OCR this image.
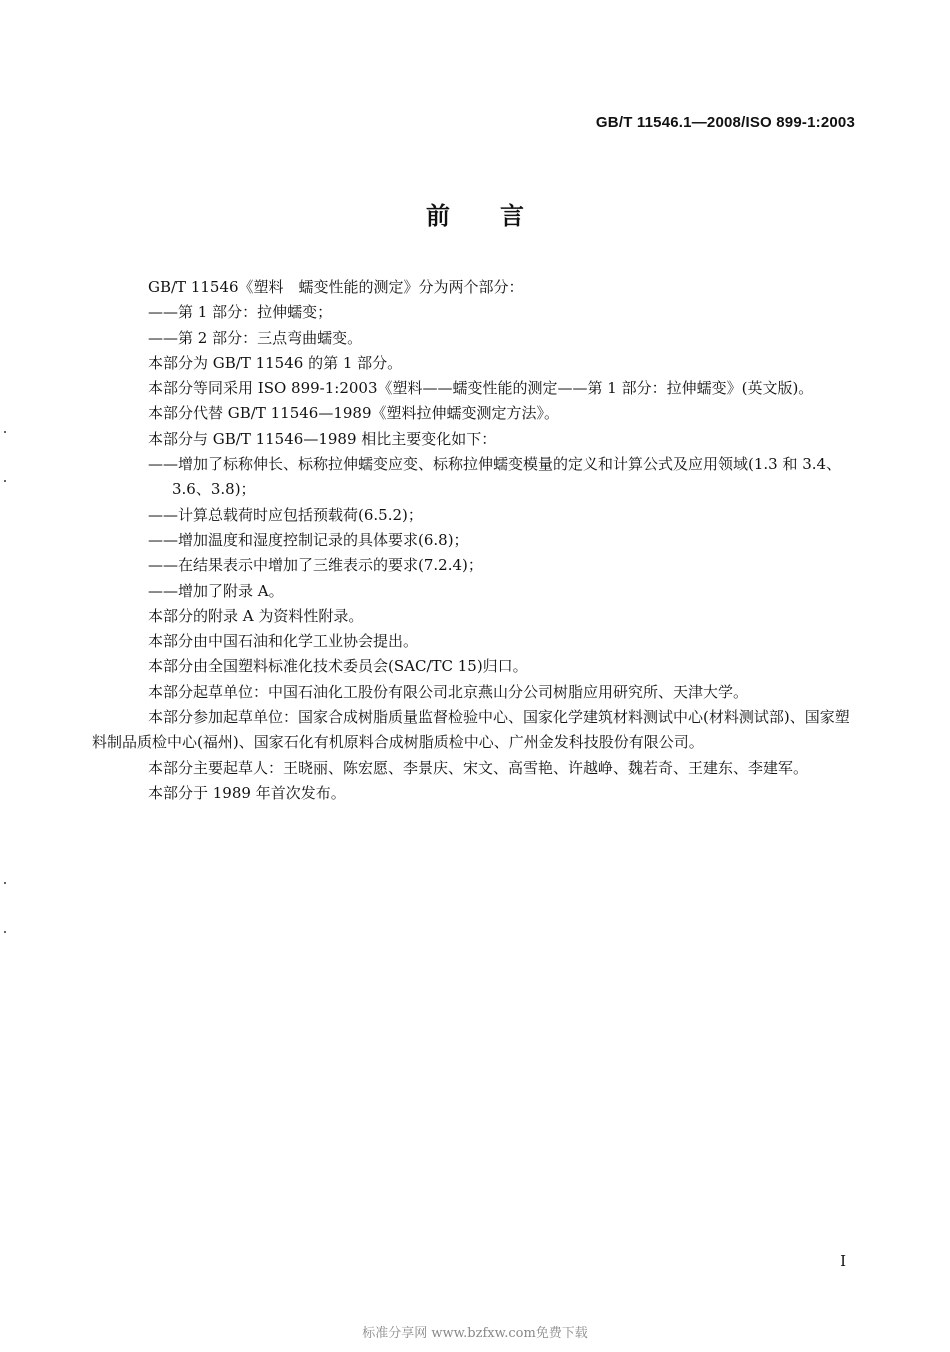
GB/T 11546.1—2008/ISO 899-1:2003
前言

GB/T 11546《塑料　蠕变性能的测定》分为两个部分：

——第 1 部分：拉伸蠕变；

——第 2 部分：三点弯曲蠕变。

本部分为 GB/T 11546 的第 1 部分。

本部分等同采用 ISO 899-1:2003《塑料——蠕变性能的测定——第 1 部分：拉伸蠕变》(英文版)。

本部分代替 GB/T 11546—1989《塑料拉伸蠕变测定方法》。

本部分与 GB/T 11546—1989 相比主要变化如下：

——增加了标称伸长、标称拉伸蠕变应变、标称拉伸蠕变模量的定义和计算公式及应用领域(1.3 和 3.4、3.6、3.8)；

——计算总载荷时应包括预载荷(6.5.2)；

——增加温度和湿度控制记录的具体要求(6.8)；

——在结果表示中增加了三维表示的要求(7.2.4)；

——增加了附录 A。

本部分的附录 A 为资料性附录。

本部分由中国石油和化学工业协会提出。

本部分由全国塑料标准化技术委员会(SAC/TC 15)归口。

本部分起草单位：中国石油化工股份有限公司北京燕山分公司树脂应用研究所、天津大学。

本部分参加起草单位：国家合成树脂质量监督检验中心、国家化学建筑材料测试中心(材料测试部)、国家塑料制品质检中心(福州)、国家石化有机原料合成树脂质检中心、广州金发科技股份有限公司。

本部分主要起草人：王晓丽、陈宏愿、李景庆、宋文、高雪艳、许越峥、魏若奇、王建东、李建军。

本部分于 1989 年首次发布。

I
标准分享网 www.bzfxw.com免费下载
